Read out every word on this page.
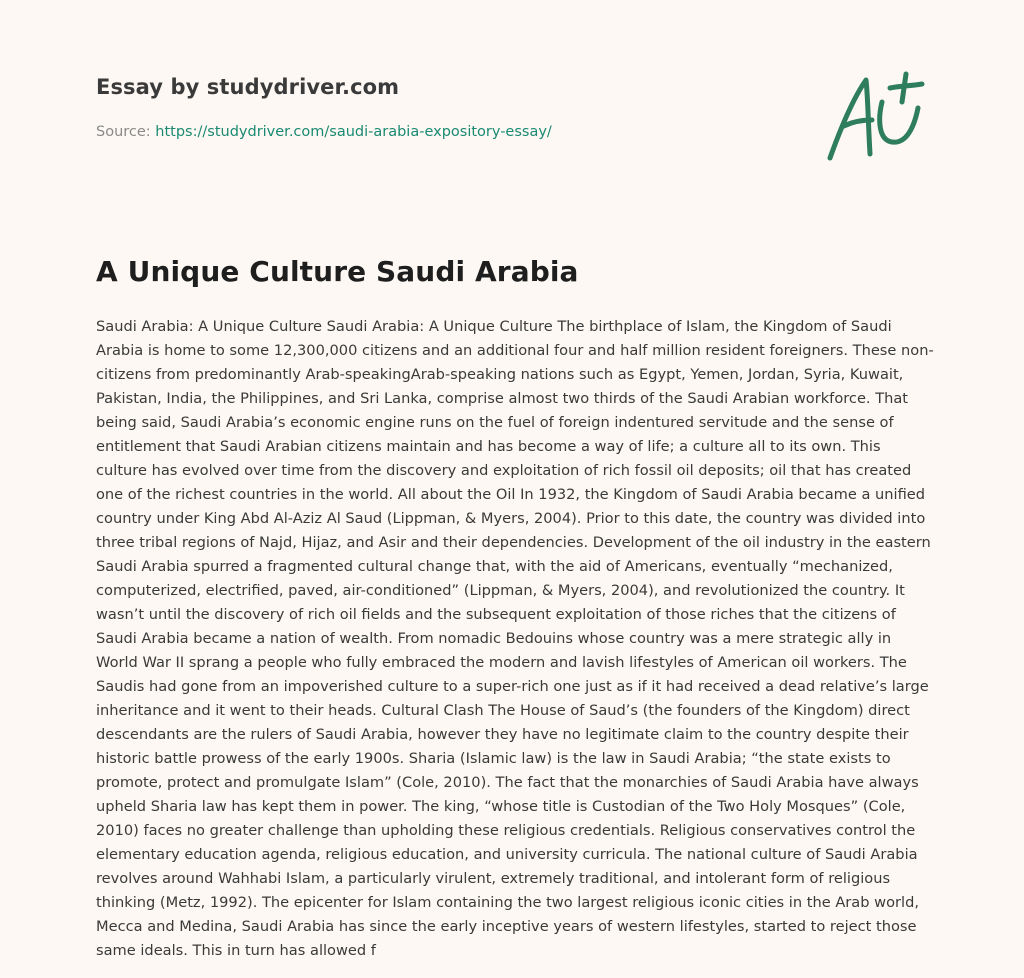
Essay by studydriver.com
Source: https://studydriver.com/saudi-arabia-expository-essay/
A Unique Culture Saudi Arabia

Saudi Arabia: A Unique Culture Saudi Arabia: A Unique Culture The birthplace of Islam, the Kingdom of Saudi Arabia is home to some 12,300,000 citizens and an additional four and half million resident foreigners. These non-citizens from predominantly Arab-speakingArab-speaking nations such as Egypt, Yemen, Jordan, Syria, Kuwait, Pakistan, India, the Philippines, and Sri Lanka, comprise almost two thirds of the Saudi Arabian workforce. That being said, Saudi Arabia’s economic engine runs on the fuel of foreign indentured servitude and the sense of entitlement that Saudi Arabian citizens maintain and has become a way of life; a culture all to its own. This culture has evolved over time from the discovery and exploitation of rich fossil oil deposits; oil that has created one of the richest countries in the world. All about the Oil In 1932, the Kingdom of Saudi Arabia became a unified country under King Abd Al-Aziz Al Saud (Lippman, & Myers, 2004). Prior to this date, the country was divided into three tribal regions of Najd, Hijaz, and Asir and their dependencies. Development of the oil industry in the eastern Saudi Arabia spurred a fragmented cultural change that, with the aid of Americans, eventually “mechanized, computerized, electrified, paved, air-conditioned” (Lippman, & Myers, 2004), and revolutionized the country. It wasn’t until the discovery of rich oil fields and the subsequent exploitation of those riches that the citizens of Saudi Arabia became a nation of wealth. From nomadic Bedouins whose country was a mere strategic ally in World War II sprang a people who fully embraced the modern and lavish lifestyles of American oil workers. The Saudis had gone from an impoverished culture to a super-rich one just as if it had received a dead relative’s large inheritance and it went to their heads. Cultural Clash The House of Saud’s (the founders of the Kingdom) direct descendants are the rulers of Saudi Arabia, however they have no legitimate claim to the country despite their historic battle prowess of the early 1900s. Sharia (Islamic law) is the law in Saudi Arabia; “the state exists to promote, protect and promulgate Islam” (Cole, 2010). The fact that the monarchies of Saudi Arabia have always upheld Sharia law has kept them in power. The king, “whose title is Custodian of the Two Holy Mosques” (Cole, 2010) faces no greater challenge than upholding these religious credentials. Religious conservatives control the elementary education agenda, religious education, and university curricula. The national culture of Saudi Arabia revolves around Wahhabi Islam, a particularly virulent, extremely traditional, and intolerant form of religious thinking (Metz, 1992). The epicenter for Islam containing the two largest religious iconic cities in the Arab world, Mecca and Medina, Saudi Arabia has since the early inceptive years of western lifestyles, started to reject those same ideals. This in turn has allowed f
